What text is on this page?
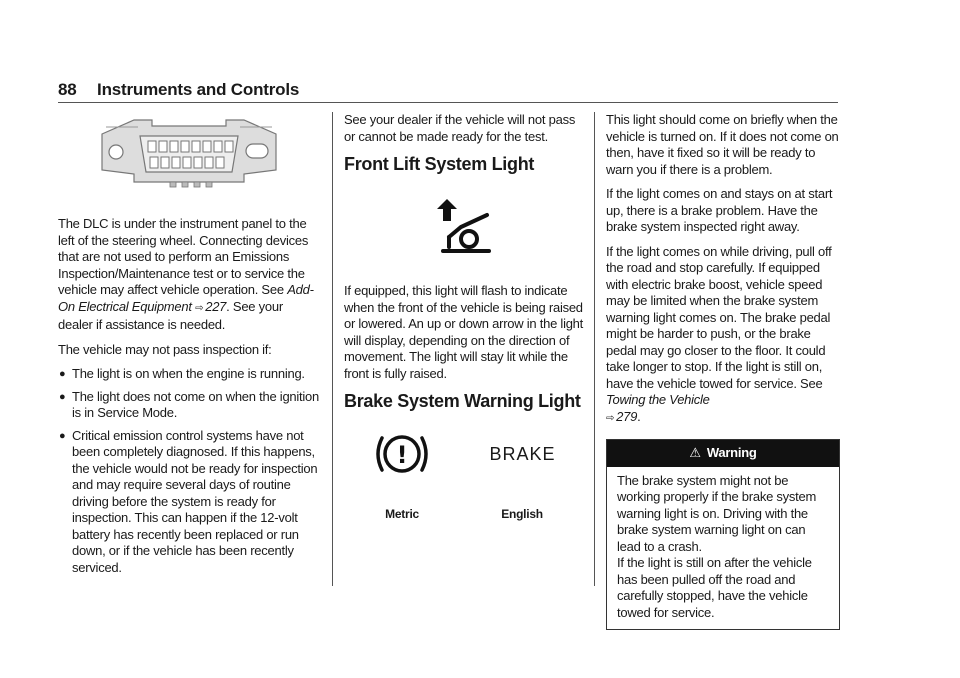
88 Instruments and Controls

The DLC is under the instrument panel to the left of the steering wheel. Connecting devices that are not used to perform an Emissions Inspection/Maintenance test or to service the vehicle may affect vehicle operation. See Add-On Electrical Equipment ⇨ 227. See your dealer if assistance is needed.

The vehicle may not pass inspection if:

● The light is on when the engine is running.
● The light does not come on when the ignition is in Service Mode.
● Critical emission control systems have not been completely diagnosed. If this happens, the vehicle would not be ready for inspection and may require several days of routine driving before the system is ready for inspection. This can happen if the 12-volt battery has recently been replaced or run down, or if the vehicle has been recently serviced.

See your dealer if the vehicle will not pass or cannot be made ready for the test.

Front Lift System Light

If equipped, this light will flash to indicate when the front of the vehicle is being raised or lowered. An up or down arrow in the light will display, depending on the direction of movement. The light will stay lit while the front is fully raised.

Brake System Warning Light
!	BRAKE
Metric	English

This light should come on briefly when the vehicle is turned on. If it does not come on then, have it fixed so it will be ready to warn you if there is a problem.

If the light comes on and stays on at start up, there is a brake problem. Have the brake system inspected right away.

If the light comes on while driving, pull off the road and stop carefully. If equipped with electric brake boost, vehicle speed may be limited when the brake system warning light comes on. The brake pedal might be harder to push, or the brake pedal may go closer to the floor. It could take longer to stop. If the light is still on, have the vehicle towed for service. See Towing the Vehicle
⇨ 279.

⚠ Warning

The brake system might not be working properly if the brake system warning light is on. Driving with the brake system warning light on can lead to a crash.

If the light is still on after the vehicle has been pulled off the road and carefully stopped, have the vehicle towed for service.
